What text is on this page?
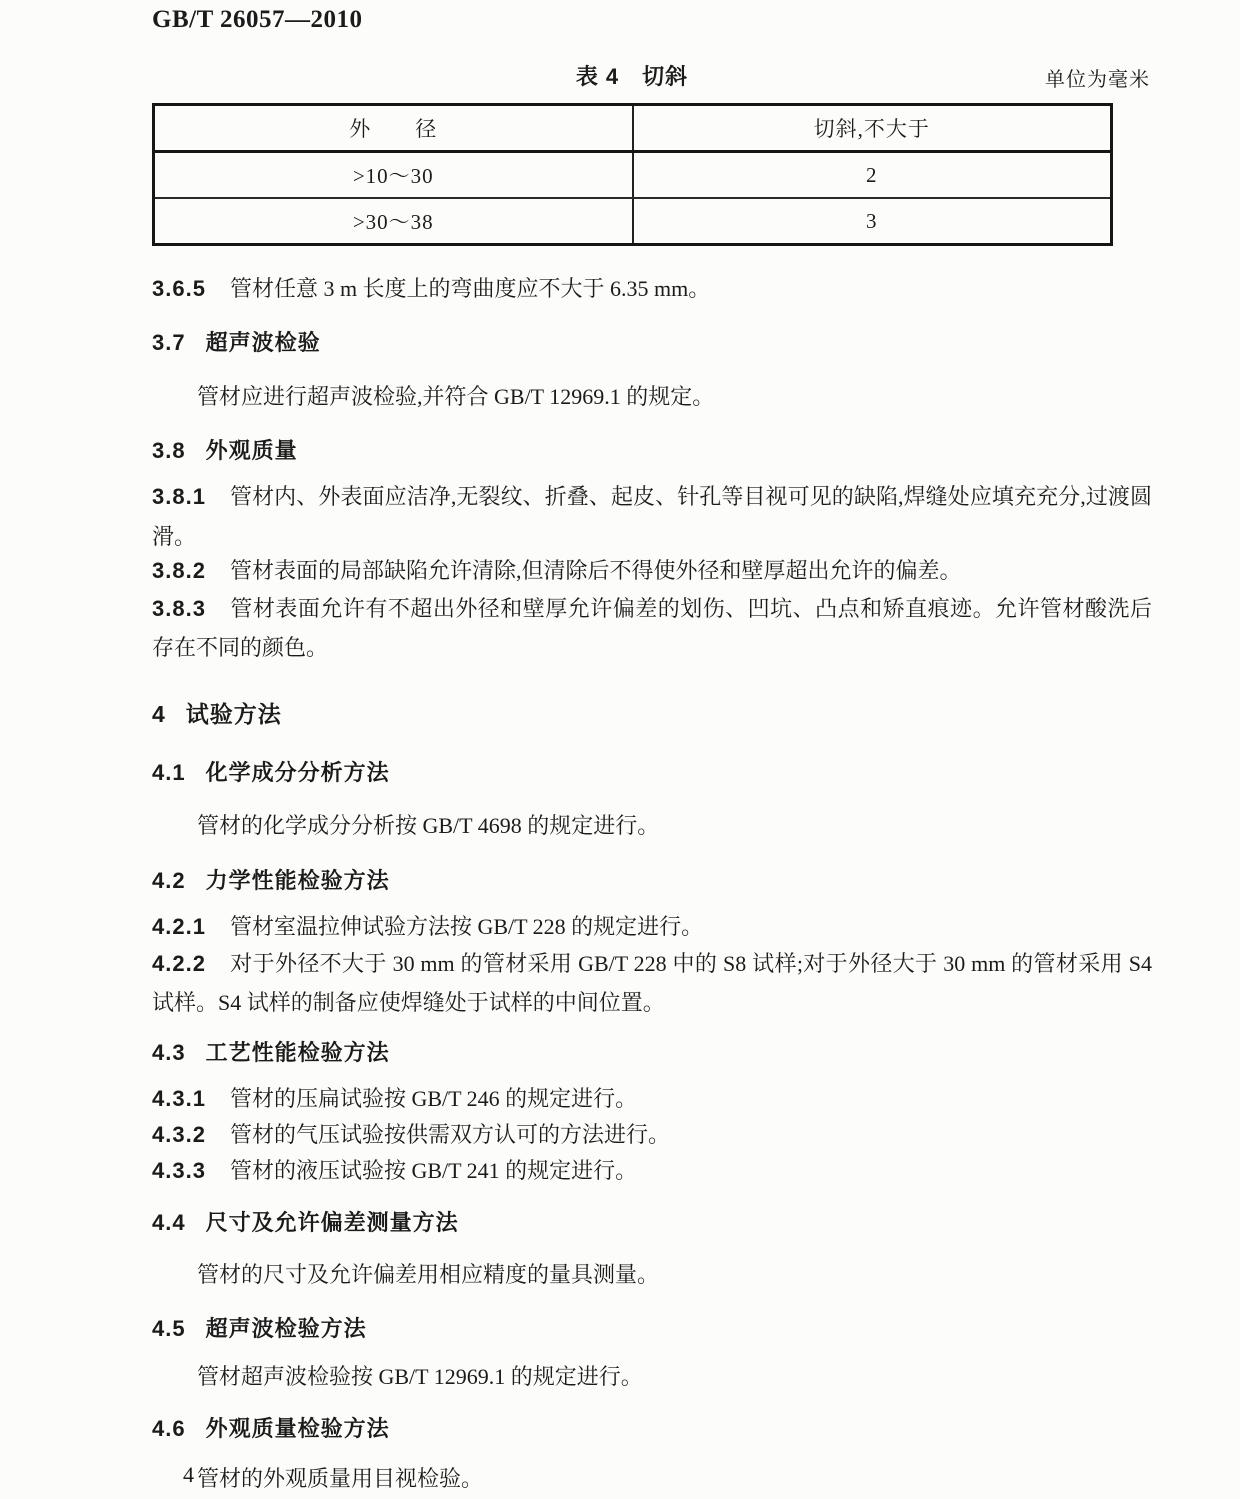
GB/T 26057—2010
表 4　切斜	单位为毫米
外　　径	切斜,不大于
>10～30	2
>30～38	3

3.6.5 管材任意 3 m 长度上的弯曲度应不大于 6.35 mm。

3.7 超声波检验

管材应进行超声波检验,并符合 GB/T 12969.1 的规定。

3.8 外观质量

3.8.1 管材内、外表面应洁净,无裂纹、折叠、起皮、针孔等目视可见的缺陷,焊缝处应填充充分,过渡圆滑。

3.8.2 管材表面的局部缺陷允许清除,但清除后不得使外径和壁厚超出允许的偏差。

3.8.3 管材表面允许有不超出外径和壁厚允许偏差的划伤、凹坑、凸点和矫直痕迹。允许管材酸洗后存在不同的颜色。

4 试验方法

4.1 化学成分分析方法

管材的化学成分分析按 GB/T 4698 的规定进行。

4.2 力学性能检验方法

4.2.1 管材室温拉伸试验方法按 GB/T 228 的规定进行。

4.2.2 对于外径不大于 30 mm 的管材采用 GB/T 228 中的 S8 试样;对于外径大于 30 mm 的管材采用 S4 试样。S4 试样的制备应使焊缝处于试样的中间位置。

4.3 工艺性能检验方法

4.3.1 管材的压扁试验按 GB/T 246 的规定进行。

4.3.2 管材的气压试验按供需双方认可的方法进行。

4.3.3 管材的液压试验按 GB/T 241 的规定进行。

4.4 尺寸及允许偏差测量方法

管材的尺寸及允许偏差用相应精度的量具测量。

4.5 超声波检验方法

管材超声波检验按 GB/T 12969.1 的规定进行。

4.6 外观质量检验方法

管材的外观质量用目视检验。

4
